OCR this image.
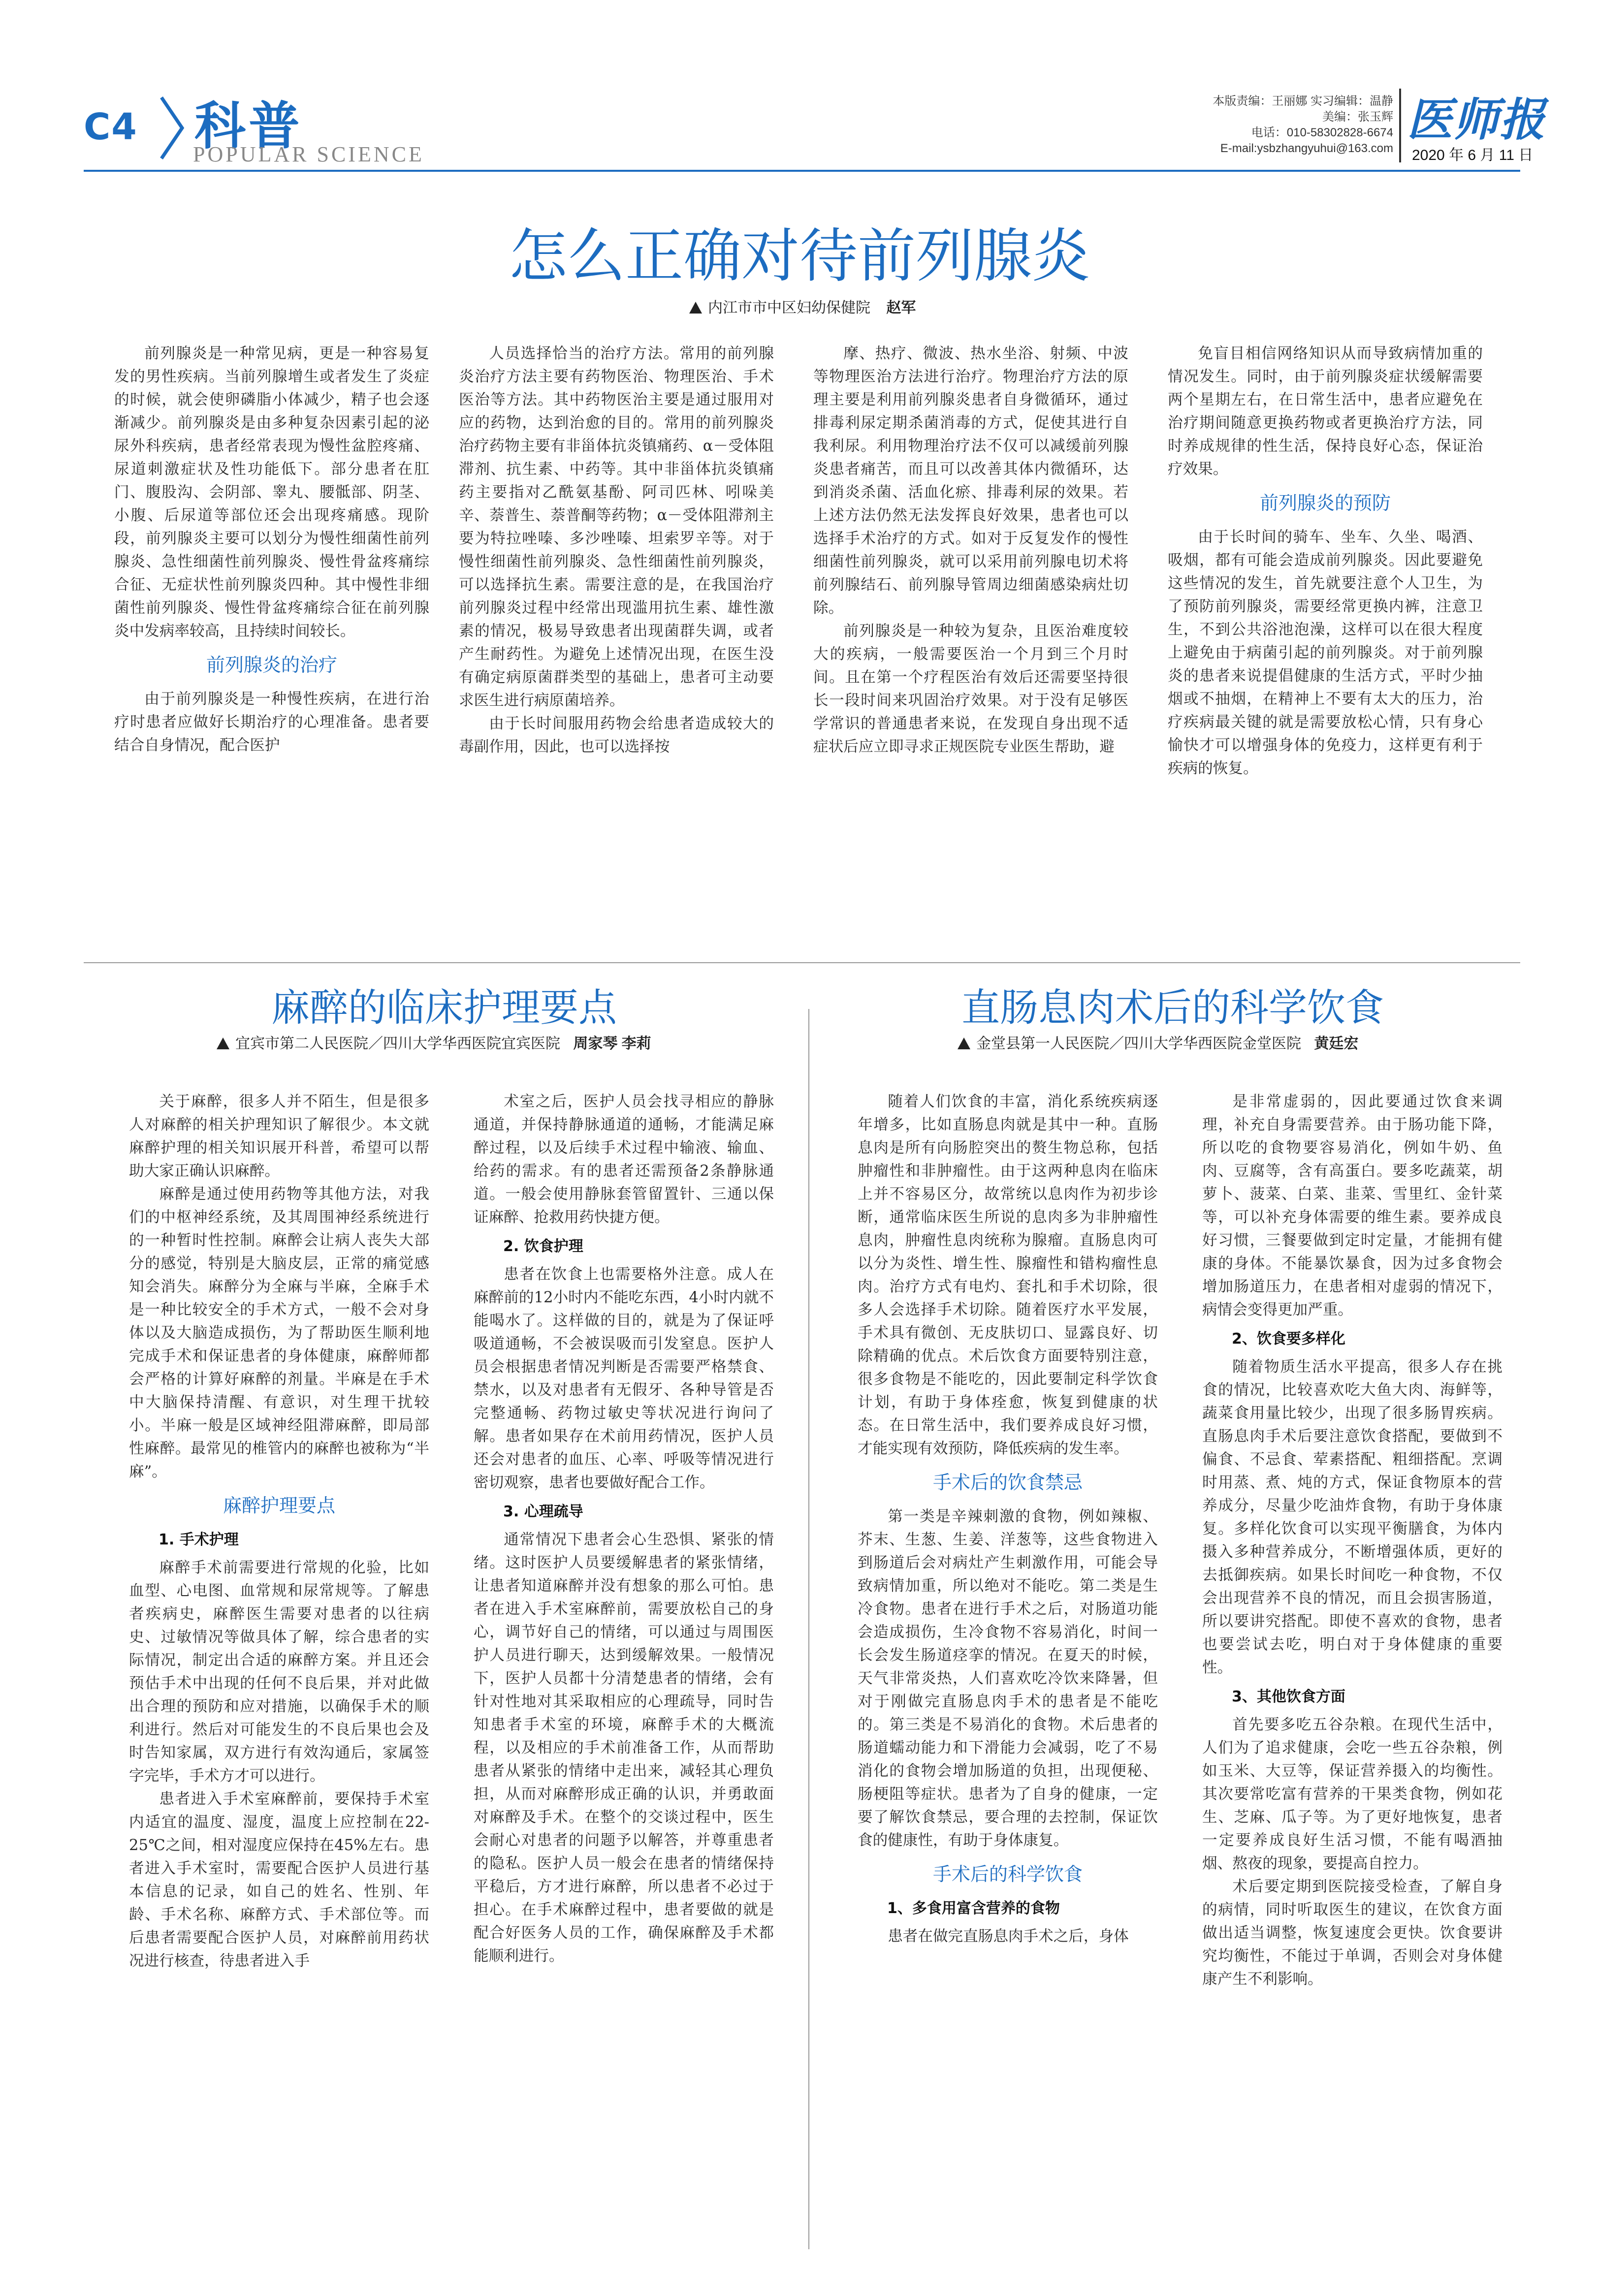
C4 科普
POPULAR SCIENCE
本版责编：王丽娜 实习编辑：温静
美编：张玉辉
电话：010-58302828-6674
E-mail:ysbzhangyuhui@163.com
医师报
2020 年 6 月 11 日
怎么正确对待前列腺炎
内江市市中区妇幼保健院 赵军

前列腺炎是一种常见病，更是一种容易复发的男性疾病。当前列腺增生或者发生了炎症的时候，就会使卵磷脂小体减少，精子也会逐渐减少。前列腺炎是由多种复杂因素引起的泌尿外科疾病，患者经常表现为慢性盆腔疼痛、尿道刺激症状及性功能低下。部分患者在肛门、腹股沟、会阴部、睾丸、腰骶部、阴茎、小腹、后尿道等部位还会出现疼痛感。现阶段，前列腺炎主要可以划分为慢性细菌性前列腺炎、急性细菌性前列腺炎、慢性骨盆疼痛综合征、无症状性前列腺炎四种。其中慢性非细菌性前列腺炎、慢性骨盆疼痛综合征在前列腺炎中发病率较高，且持续时间较长。

前列腺炎的治疗

由于前列腺炎是一种慢性疾病，在进行治疗时患者应做好长期治疗的心理准备。患者要结合自身情况，配合医护

人员选择恰当的治疗方法。常用的前列腺炎治疗方法主要有药物医治、物理医治、手术医治等方法。其中药物医治主要是通过服用对应的药物，达到治愈的目的。常用的前列腺炎治疗药物主要有非甾体抗炎镇痛药、α－受体阻滞剂、抗生素、中药等。其中非甾体抗炎镇痛药主要指对乙酰氨基酚、阿司匹林、吲哚美辛、萘普生、萘普酮等药物；α－受体阻滞剂主要为特拉唑嗪、多沙唑嗪、坦索罗辛等。对于慢性细菌性前列腺炎、急性细菌性前列腺炎，可以选择抗生素。需要注意的是，在我国治疗前列腺炎过程中经常出现滥用抗生素、雄性激素的情况，极易导致患者出现菌群失调，或者产生耐药性。为避免上述情况出现，在医生没有确定病原菌群类型的基础上，患者可主动要求医生进行病原菌培养。

由于长时间服用药物会给患者造成较大的毒副作用，因此，也可以选择按

摩、热疗、微波、热水坐浴、射频、中波等物理医治方法进行治疗。物理治疗方法的原理主要是利用前列腺炎患者自身微循环，通过排毒利尿定期杀菌消毒的方式，促使其进行自我利尿。利用物理治疗法不仅可以减缓前列腺炎患者痛苦，而且可以改善其体内微循环，达到消炎杀菌、活血化瘀、排毒利尿的效果。若上述方法仍然无法发挥良好效果，患者也可以选择手术治疗的方式。如对于反复发作的慢性细菌性前列腺炎，就可以采用前列腺电切术将前列腺结石、前列腺导管周边细菌感染病灶切除。

前列腺炎是一种较为复杂，且医治难度较大的疾病，一般需要医治一个月到三个月时间。且在第一个疗程医治有效后还需要坚持很长一段时间来巩固治疗效果。对于没有足够医学常识的普通患者来说，在发现自身出现不适症状后应立即寻求正规医院专业医生帮助，避

免盲目相信网络知识从而导致病情加重的情况发生。同时，由于前列腺炎症状缓解需要两个星期左右，在日常生活中，患者应避免在治疗期间随意更换药物或者更换治疗方法，同时养成规律的性生活，保持良好心态，保证治疗效果。

前列腺炎的预防

由于长时间的骑车、坐车、久坐、喝酒、吸烟，都有可能会造成前列腺炎。因此要避免这些情况的发生，首先就要注意个人卫生，为了预防前列腺炎，需要经常更换内裤，注意卫生，不到公共浴池泡澡，这样可以在很大程度上避免由于病菌引起的前列腺炎。对于前列腺炎的患者来说提倡健康的生活方式，平时少抽烟或不抽烟，在精神上不要有太大的压力，治疗疾病最关键的就是需要放松心情，只有身心愉快才可以增强身体的免疫力，这样更有利于疾病的恢复。

麻醉的临床护理要点
宜宾市第二人民医院／四川大学华西医院宜宾医院 周家琴 李莉

关于麻醉，很多人并不陌生，但是很多人对麻醉的相关护理知识了解很少。本文就麻醉护理的相关知识展开科普，希望可以帮助大家正确认识麻醉。

麻醉是通过使用药物等其他方法，对我们的中枢神经系统，及其周围神经系统进行的一种暂时性控制。麻醉会让病人丧失大部分的感觉，特别是大脑皮层，正常的痛觉感知会消失。麻醉分为全麻与半麻，全麻手术是一种比较安全的手术方式，一般不会对身体以及大脑造成损伤，为了帮助医生顺利地完成手术和保证患者的身体健康，麻醉师都会严格的计算好麻醉的剂量。半麻是在手术中大脑保持清醒、有意识，对生理干扰较小。半麻一般是区域神经阻滞麻醉，即局部性麻醉。最常见的椎管内的麻醉也被称为“半麻”。

麻醉护理要点
1. 手术护理

麻醉手术前需要进行常规的化验，比如血型、心电图、血常规和尿常规等。了解患者疾病史，麻醉医生需要对患者的以往病史、过敏情况等做具体了解，综合患者的实际情况，制定出合适的麻醉方案。并且还会预估手术中出现的任何不良后果，并对此做出合理的预防和应对措施，以确保手术的顺利进行。然后对可能发生的不良后果也会及时告知家属，双方进行有效沟通后，家属签字完毕，手术方才可以进行。

患者进入手术室麻醉前，要保持手术室内适宜的温度、湿度，温度上应控制在22-25℃之间，相对湿度应保持在45%左右。患者进入手术室时，需要配合医护人员进行基本信息的记录，如自己的姓名、性别、年龄、手术名称、麻醉方式、手术部位等。而后患者需要配合医护人员，对麻醉前用药状况进行核查，待患者进入手

术室之后，医护人员会找寻相应的静脉通道，并保持静脉通道的通畅，才能满足麻醉过程，以及后续手术过程中输液、输血、给药的需求。有的患者还需预备2条静脉通道。一般会使用静脉套管留置针、三通以保证麻醉、抢救用药快捷方便。

2. 饮食护理

患者在饮食上也需要格外注意。成人在麻醉前的12小时内不能吃东西，4小时内就不能喝水了。这样做的目的，就是为了保证呼吸道通畅，不会被误吸而引发窒息。医护人员会根据患者情况判断是否需要严格禁食、禁水，以及对患者有无假牙、各种导管是否完整通畅、药物过敏史等状况进行询问了解。患者如果存在术前用药情况，医护人员还会对患者的血压、心率、呼吸等情况进行密切观察，患者也要做好配合工作。

3. 心理疏导

通常情况下患者会心生恐惧、紧张的情绪。这时医护人员要缓解患者的紧张情绪，让患者知道麻醉并没有想象的那么可怕。患者在进入手术室麻醉前，需要放松自己的身心，调节好自己的情绪，可以通过与周围医护人员进行聊天，达到缓解效果。一般情况下，医护人员都十分清楚患者的情绪，会有针对性地对其采取相应的心理疏导，同时告知患者手术室的环境，麻醉手术的大概流程，以及相应的手术前准备工作，从而帮助患者从紧张的情绪中走出来，减轻其心理负担，从而对麻醉形成正确的认识，并勇敢面对麻醉及手术。在整个的交谈过程中，医生会耐心对患者的问题予以解答，并尊重患者的隐私。医护人员一般会在患者的情绪保持平稳后，方才进行麻醉，所以患者不必过于担心。在手术麻醉过程中，患者要做的就是配合好医务人员的工作，确保麻醉及手术都能顺利进行。

直肠息肉术后的科学饮食
金堂县第一人民医院／四川大学华西医院金堂医院 黄廷宏

随着人们饮食的丰富，消化系统疾病逐年增多，比如直肠息肉就是其中一种。直肠息肉是所有向肠腔突出的赘生物总称，包括肿瘤性和非肿瘤性。由于这两种息肉在临床上并不容易区分，故常统以息肉作为初步诊断，通常临床医生所说的息肉多为非肿瘤性息肉，肿瘤性息肉统称为腺瘤。直肠息肉可以分为炎性、增生性、腺瘤性和错构瘤性息肉。治疗方式有电灼、套扎和手术切除，很多人会选择手术切除。随着医疗水平发展，手术具有微创、无皮肤切口、显露良好、切除精确的优点。术后饮食方面要特别注意，很多食物是不能吃的，因此要制定科学饮食计划，有助于身体痊愈，恢复到健康的状态。在日常生活中，我们要养成良好习惯，才能实现有效预防，降低疾病的发生率。

手术后的饮食禁忌

第一类是辛辣刺激的食物，例如辣椒、芥末、生葱、生姜、洋葱等，这些食物进入到肠道后会对病灶产生刺激作用，可能会导致病情加重，所以绝对不能吃。第二类是生冷食物。患者在进行手术之后，对肠道功能会造成损伤，生冷食物不容易消化，时间一长会发生肠道痉挛的情况。在夏天的时候，天气非常炎热，人们喜欢吃冷饮来降暑，但对于刚做完直肠息肉手术的患者是不能吃的。第三类是不易消化的食物。术后患者的肠道蠕动能力和下滑能力会减弱，吃了不易消化的食物会增加肠道的负担，出现便秘、肠梗阻等症状。患者为了自身的健康，一定要了解饮食禁忌，要合理的去控制，保证饮食的健康性，有助于身体康复。

手术后的科学饮食
1、多食用富含营养的食物

患者在做完直肠息肉手术之后，身体

是非常虚弱的，因此要通过饮食来调理，补充自身需要营养。由于肠功能下降，所以吃的食物要容易消化，例如牛奶、鱼肉、豆腐等，含有高蛋白。要多吃蔬菜，胡萝卜、菠菜、白菜、韭菜、雪里红、金针菜等，可以补充身体需要的维生素。要养成良好习惯，三餐要做到定时定量，才能拥有健康的身体。不能暴饮暴食，因为过多食物会增加肠道压力，在患者相对虚弱的情况下，病情会变得更加严重。

2、饮食要多样化

随着物质生活水平提高，很多人存在挑食的情况，比较喜欢吃大鱼大肉、海鲜等，蔬菜食用量比较少，出现了很多肠胃疾病。直肠息肉手术后要注意饮食搭配，要做到不偏食、不忌食、荤素搭配、粗细搭配。烹调时用蒸、煮、炖的方式，保证食物原本的营养成分，尽量少吃油炸食物，有助于身体康复。多样化饮食可以实现平衡膳食，为体内摄入多种营养成分，不断增强体质，更好的去抵御疾病。如果长时间吃一种食物，不仅会出现营养不良的情况，而且会损害肠道，所以要讲究搭配。即使不喜欢的食物，患者也要尝试去吃，明白对于身体健康的重要性。

3、其他饮食方面

首先要多吃五谷杂粮。在现代生活中，人们为了追求健康，会吃一些五谷杂粮，例如玉米、大豆等，保证营养摄入的均衡性。其次要常吃富有营养的干果类食物，例如花生、芝麻、瓜子等。为了更好地恢复，患者一定要养成良好生活习惯，不能有喝酒抽烟、熬夜的现象，要提高自控力。

术后要定期到医院接受检查，了解自身的病情，同时听取医生的建议，在饮食方面做出适当调整，恢复速度会更快。饮食要讲究均衡性，不能过于单调，否则会对身体健康产生不利影响。
